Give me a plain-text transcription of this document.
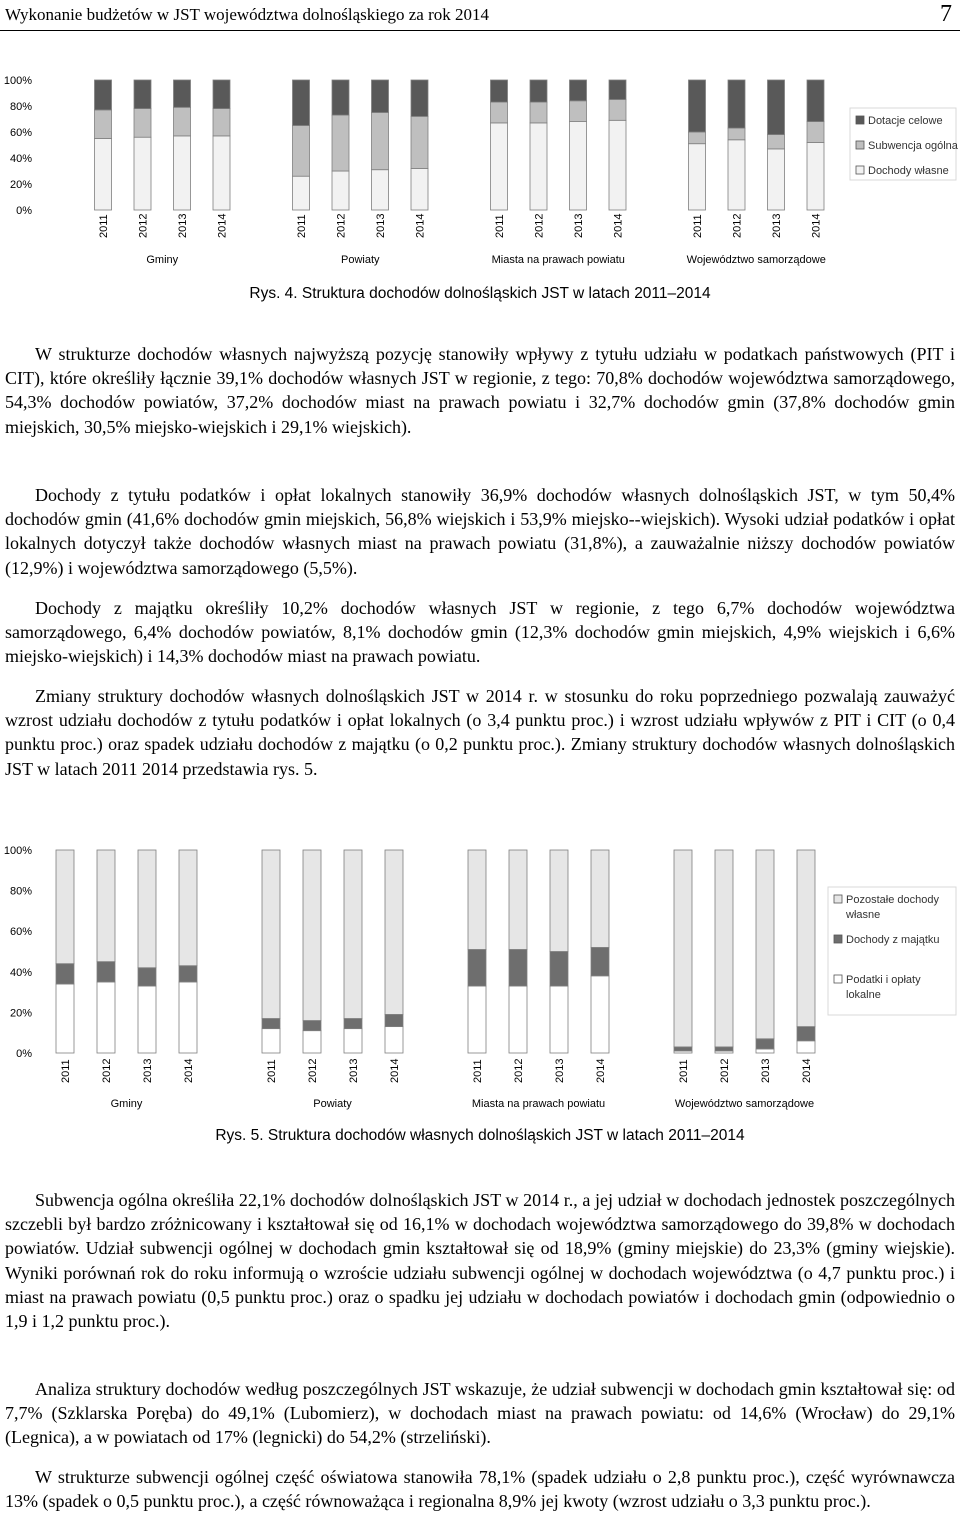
Wykonanie budżetów w JST województwa dolnośląskiego za rok 2014	7
0%
20%
40%
60%
80%
100%
2011	2012	2013	2014
Gminy
2011	2012	2013	2014
Powiaty
2011	2012	2013	2014
Miasta na prawach powiatu
2011	2012	2013	2014
Województwo samorządowe
Dotacje celowe
Subwencja ogólna
Dochody własne
Rys. 4. Struktura dochodów dolnośląskich JST w latach 2011–2014

W strukturze dochodów własnych najwyższą pozycję stanowiły wpływy z tytułu udziału w podatkach państwowych (PIT i CIT), które określiły łącznie 39,1% dochodów własnych JST w regionie, z tego: 70,8% dochodów województwa samorządowego, 54,3% dochodów powiatów, 37,2% dochodów miast na prawach powiatu i 32,7% dochodów gmin (37,8% dochodów gmin miejskich, 30,5% miejsko-wiejskich i 29,1% wiejskich).

Dochody z tytułu podatków i opłat lokalnych stanowiły 36,9% dochodów własnych dolnośląskich JST, w tym 50,4% dochodów gmin (41,6% dochodów gmin miejskich, 56,8% wiejskich i 53,9% miejsko--wiejskich). Wysoki udział podatków i opłat lokalnych dotyczył także dochodów własnych miast na prawach powiatu (31,8%), a zauważalnie niższy dochodów powiatów (12,9%) i województwa samorządowego (5,5%).

Dochody z majątku określiły 10,2% dochodów własnych JST w regionie, z tego 6,7% dochodów województwa samorządowego, 6,4% dochodów powiatów, 8,1% dochodów gmin (12,3% dochodów gmin miejskich, 4,9% wiejskich i 6,6% miejsko-wiejskich) i 14,3% dochodów miast na prawach powiatu.

Zmiany struktury dochodów własnych dolnośląskich JST w 2014 r. w stosunku do roku poprzedniego pozwalają zauważyć wzrost udziału dochodów z tytułu podatków i opłat lokalnych (o 3,4 punktu proc.) i wzrost udziału wpływów z PIT i CIT (o 0,4 punktu proc.) oraz spadek udziału dochodów z majątku (o 0,2 punktu proc.). Zmiany struktury dochodów własnych dolnośląskich JST w latach 2011 2014 przedstawia rys. 5.

0%
20%
40%
60%
80%
100%
2011	2012	2013	2014
Gminy
2011	2012	2013	2014
Powiaty
2011	2012	2013	2014
Miasta na prawach powiatu
2011	2012	2013	2014
Województwo samorządowe
Pozostałe dochody
własne
Dochody z majątku
Podatki i opłaty
lokalne
Rys. 5. Struktura dochodów własnych dolnośląskich JST w latach 2011–2014

Subwencja ogólna określiła 22,1% dochodów dolnośląskich JST w 2014 r., a jej udział w dochodach jednostek poszczególnych szczebli był bardzo zróżnicowany i kształtował się od 16,1% w dochodach województwa samorządowego do 39,8% w dochodach powiatów. Udział subwencji ogólnej w dochodach gmin kształtował się od 18,9% (gminy miejskie) do 23,3% (gminy wiejskie). Wyniki porównań rok do roku informują o wzroście udziału subwencji ogólnej w dochodach województwa (o 4,7 punktu proc.) i miast na prawach powiatu (0,5 punktu proc.) oraz o spadku jej udziału w dochodach powiatów i dochodach gmin (odpowiednio o 1,9 i 1,2 punktu proc.).

Analiza struktury dochodów według poszczególnych JST wskazuje, że udział subwencji w dochodach gmin kształtował się: od 7,7% (Szklarska Poręba) do 49,1% (Lubomierz), w dochodach miast na prawach powiatu: od 14,6% (Wrocław) do 29,1% (Legnica), a w powiatach od 17% (legnicki) do 54,2% (strzeliński).

W strukturze subwencji ogólnej część oświatowa stanowiła 78,1% (spadek udziału o 2,8 punktu proc.), część wyrównawcza 13% (spadek o 0,5 punktu proc.), a część równoważąca i regionalna 8,9% jej kwoty (wzrost udziału o 3,3 punktu proc.).
